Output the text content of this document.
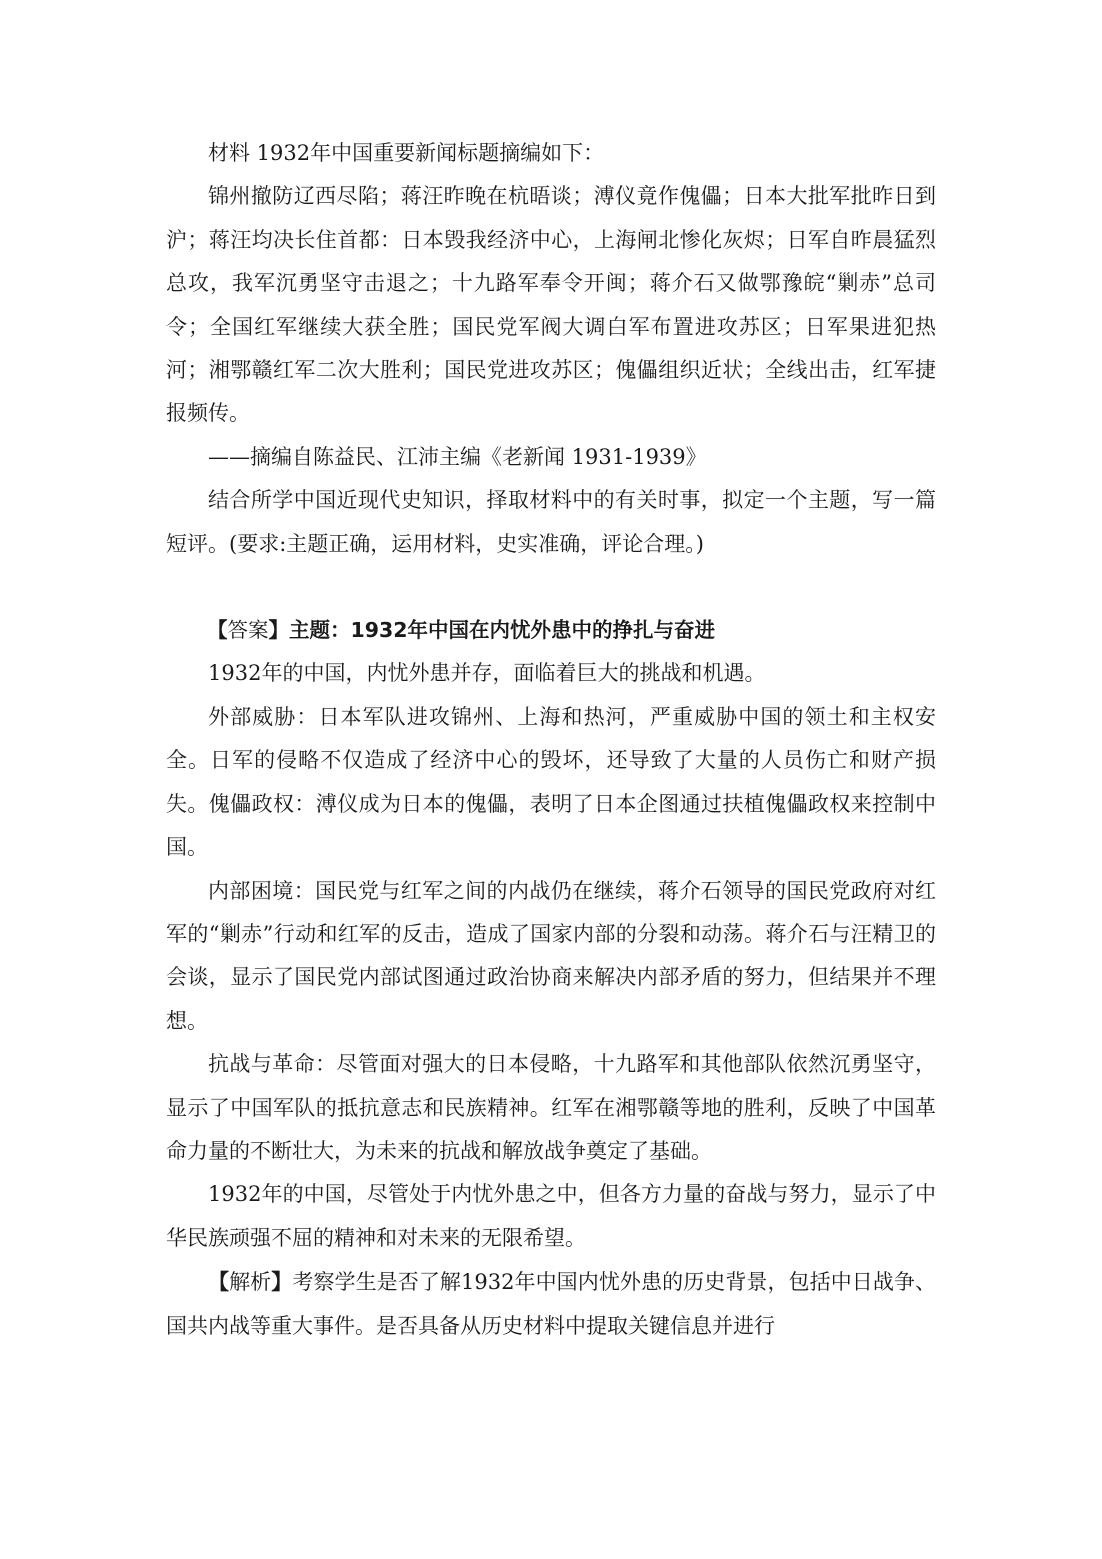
材料 1932年中国重要新闻标题摘编如下：

锦州撤防辽西尽陷；蒋汪昨晚在杭晤谈；溥仪竟作傀儡；日本大批军批昨日到沪；蒋汪均决长住首都：日本毁我经济中心，上海闸北惨化灰烬；日军自昨晨猛烈总攻，我军沉勇坚守击退之；十九路军奉令开闽；蒋介石又做鄂豫皖“剿赤”总司令；全国红军继续大获全胜；国民党军阀大调白军布置进攻苏区；日军果进犯热河；湘鄂赣红军二次大胜利；国民党进攻苏区；傀儡组织近状；全线出击，红军捷报频传。

——摘编自陈益民、江沛主编《老新闻 1931-1939》

结合所学中国近现代史知识，择取材料中的有关时事，拟定一个主题，写一篇短评。(要求:主题正确，运用材料，史实准确，评论合理。)

【答案】主题：1932年中国在内忧外患中的挣扎与奋进

1932年的中国，内忧外患并存，面临着巨大的挑战和机遇。

外部威胁：日本军队进攻锦州、上海和热河，严重威胁中国的领土和主权安全。日军的侵略不仅造成了经济中心的毁坏，还导致了大量的人员伤亡和财产损失。傀儡政权：溥仪成为日本的傀儡，表明了日本企图通过扶植傀儡政权来控制中国。

内部困境：国民党与红军之间的内战仍在继续，蒋介石领导的国民党政府对红军的“剿赤”行动和红军的反击，造成了国家内部的分裂和动荡。蒋介石与汪精卫的会谈，显示了国民党内部试图通过政治协商来解决内部矛盾的努力，但结果并不理想。

抗战与革命：尽管面对强大的日本侵略，十九路军和其他部队依然沉勇坚守，显示了中国军队的抵抗意志和民族精神。红军在湘鄂赣等地的胜利，反映了中国革命力量的不断壮大，为未来的抗战和解放战争奠定了基础。

1932年的中国，尽管处于内忧外患之中，但各方力量的奋战与努力，显示了中华民族顽强不屈的精神和对未来的无限希望。

【解析】考察学生是否了解1932年中国内忧外患的历史背景，包括中日战争、国共内战等重大事件。是否具备从历史材料中提取关键信息并进行
